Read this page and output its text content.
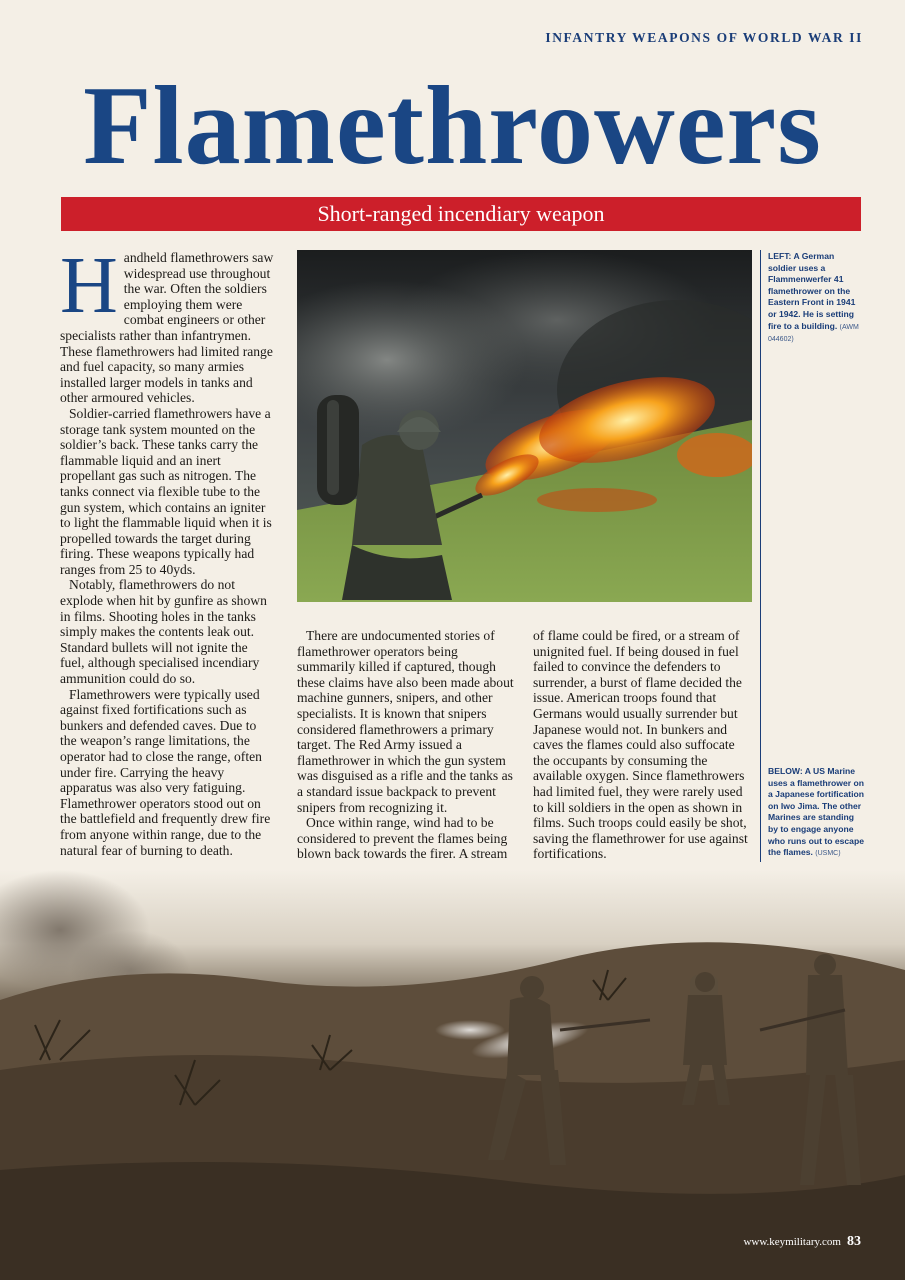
INFANTRY WEAPONS OF WORLD WAR II
Flamethrowers
Short-ranged incendiary weapon

Handheld flamethrowers saw widespread use throughout the war. Often the soldiers employing them were combat engineers or other specialists rather than infantrymen. These flamethrowers had limited range and fuel capacity, so many armies installed larger models in tanks and other armoured vehicles.

Soldier-carried flamethrowers have a storage tank system mounted on the soldier’s back. These tanks carry the flammable liquid and an inert propellant gas such as nitrogen. The tanks connect via flexible tube to the gun system, which contains an igniter to light the flammable liquid when it is propelled towards the target during firing. These weapons typically had ranges from 25 to 40yds.

Notably, flamethrowers do not explode when hit by gunfire as shown in films. Shooting holes in the tanks simply makes the contents leak out. Standard bullets will not ignite the fuel, although specialised incendiary ammunition could do so.

Flamethrowers were typically used against fixed fortifications such as bunkers and defended caves. Due to the weapon’s range limitations, the operator had to close the range, often under fire. Carrying the heavy apparatus was also very fatiguing. Flamethrower operators stood out on the battlefield and frequently drew fire from anyone within range, due to the natural fear of burning to death.

LEFT: A German soldier uses a Flammenwerfer 41 flamethrower on the Eastern Front in 1941 or 1942. He is setting fire to a building. (AWM 044602)

There are undocumented stories of flamethrower operators being summarily killed if captured, though these claims have also been made about machine gunners, snipers, and other specialists. It is known that snipers considered flamethrowers a primary target. The Red Army issued a flamethrower in which the gun system was disguised as a rifle and the tanks as a standard issue backpack to prevent snipers from recognizing it.

Once within range, wind had to be considered to prevent the flames being blown back towards the firer. A stream

of flame could be fired, or a stream of unignited fuel. If being doused in fuel failed to convince the defenders to surrender, a burst of flame decided the issue. American troops found that Germans would usually surrender but Japanese would not. In bunkers and caves the flames could also suffocate the occupants by consuming the available oxygen. Since flamethrowers had limited fuel, they were rarely used to kill soldiers in the open as shown in films. Such troops could easily be shot, saving the flamethrower for use against fortifications.

BELOW: A US Marine uses a flamethrower on a Japanese fortification on Iwo Jima. The other Marines are standing by to engage anyone who runs out to escape the flames. (USMC)
www.keymilitary.com 83
